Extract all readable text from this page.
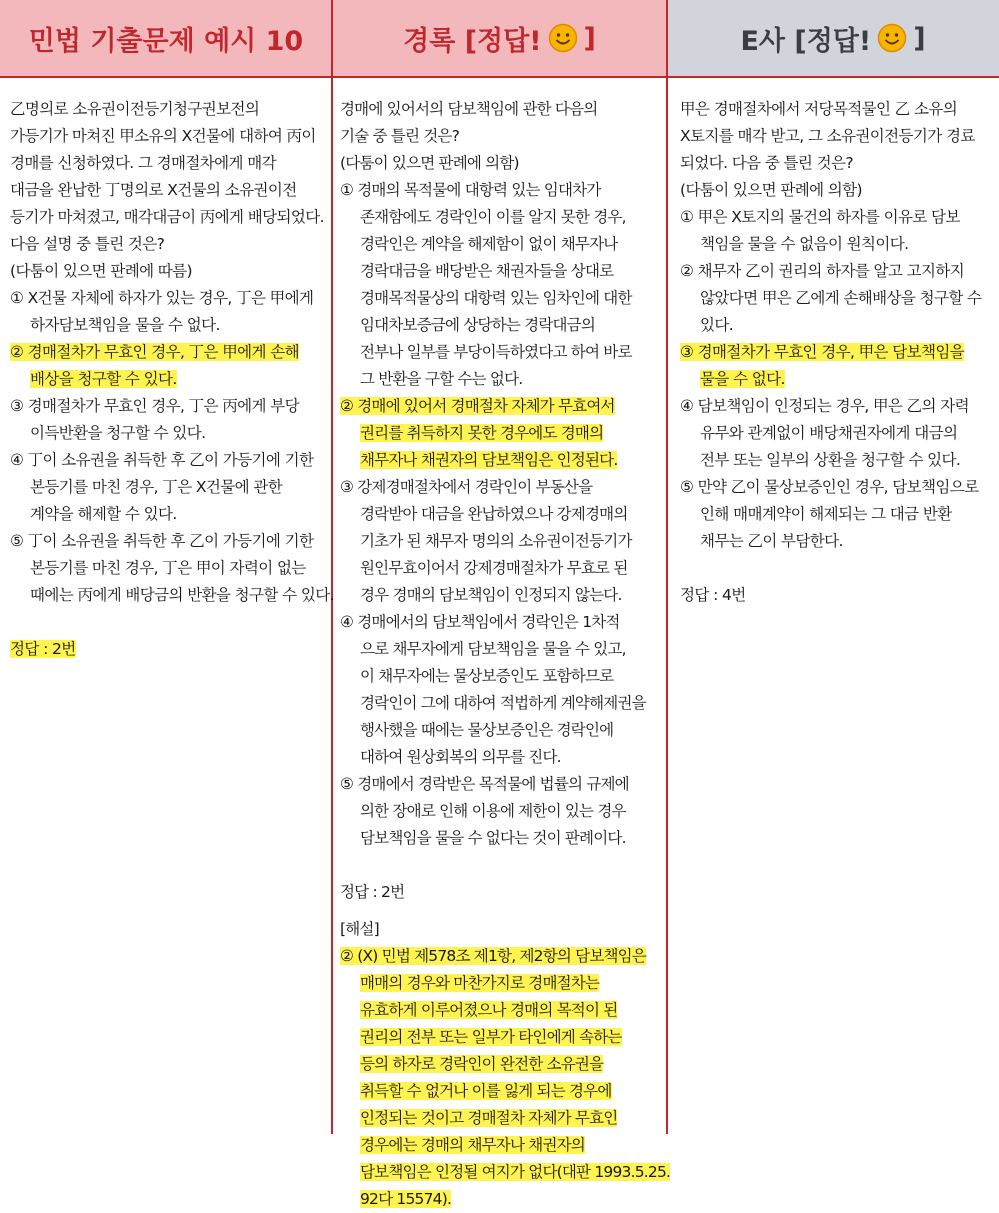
민법 기출문제 예시 10	경록 [정답! ]	E사 [정답! ]
乙명의로 소유권이전등기청구권보전의
가등기가 마쳐진 甲소유의 X건물에 대하여 丙이
경매를 신청하였다. 그 경매절차에게 매각
대금을 완납한 丁명의로 X건물의 소유권이전
등기가 마쳐졌고, 매각대금이 丙에게 배당되었다.
다음 설명 중 틀린 것은?
(다툼이 있으면 판례에 따름)
① X건물 자체에 하자가 있는 경우, 丁은 甲에게
하자담보책임을 물을 수 없다.
② 경매절차가 무효인 경우, 丁은 甲에게 손해
배상을 청구할 수 있다.
③ 경매절차가 무효인 경우, 丁은 丙에게 부당
이득반환을 청구할 수 있다.
④ 丁이 소유권을 취득한 후 乙이 가등기에 기한
본등기를 마친 경우, 丁은 X건물에 관한
계약을 해제할 수 있다.
⑤ 丁이 소유권을 취득한 후 乙이 가등기에 기한
본등기를 마친 경우, 丁은 甲이 자력이 없는
때에는 丙에게 배당금의 반환을 청구할 수 있다.
정답 : 2번
경매에 있어서의 담보책임에 관한 다음의
기술 중 틀린 것은?
(다툼이 있으면 판례에 의함)
① 경매의 목적물에 대항력 있는 임대차가
존재함에도 경락인이 이를 알지 못한 경우,
경락인은 계약을 해제함이 없이 채무자나
경락대금을 배당받은 채권자들을 상대로
경매목적물상의 대항력 있는 임차인에 대한
임대차보증금에 상당하는 경락대금의
전부나 일부를 부당이득하였다고 하여 바로
그 반환을 구할 수는 없다.
② 경매에 있어서 경매절차 자체가 무효여서
권리를 취득하지 못한 경우에도 경매의
채무자나 채권자의 담보책임은 인정된다.
③ 강제경매절차에서 경락인이 부동산을
경락받아 대금을 완납하였으나 강제경매의
기초가 된 채무자 명의의 소유권이전등기가
원인무효이어서 강제경매절차가 무효로 된
경우 경매의 담보책임이 인정되지 않는다.
④ 경매에서의 담보책임에서 경락인은 1차적
으로 채무자에게 담보책임을 물을 수 있고,
이 채무자에는 물상보증인도 포함하므로
경락인이 그에 대하여 적법하게 계약해제권을
행사했을 때에는 물상보증인은 경락인에
대하여 원상회복의 의무를 진다.
⑤ 경매에서 경락받은 목적물에 법률의 규제에
의한 장애로 인해 이용에 제한이 있는 경우
담보책임을 물을 수 없다는 것이 판례이다.
정답 : 2번
[해설]
② (X) 민법 제578조 제1항, 제2항의 담보책임은
매매의 경우와 마찬가지로 경매절차는
유효하게 이루어졌으나 경매의 목적이 된
권리의 전부 또는 일부가 타인에게 속하는
등의 하자로 경락인이 완전한 소유권을
취득할 수 없거나 이를 잃게 되는 경우에
인정되는 것이고 경매절차 자체가 무효인
경우에는 경매의 채무자나 채권자의
담보책임은 인정될 여지가 없다(대판 1993.5.25.
92다 15574).
甲은 경매절차에서 저당목적물인 乙 소유의
X토지를 매각 받고, 그 소유권이전등기가 경료
되었다. 다음 중 틀린 것은?
(다툼이 있으면 판례에 의함)
① 甲은 X토지의 물건의 하자를 이유로 담보
책임을 물을 수 없음이 원칙이다.
② 채무자 乙이 권리의 하자를 알고 고지하지
않았다면 甲은 乙에게 손해배상을 청구할 수
있다.
③ 경매절차가 무효인 경우, 甲은 담보책임을
물을 수 없다.
④ 담보책임이 인정되는 경우, 甲은 乙의 자력
유무와 관계없이 배당채권자에게 대금의
전부 또는 일부의 상환을 청구할 수 있다.
⑤ 만약 乙이 물상보증인인 경우, 담보책임으로
인해 매매계약이 해제되는 그 대금 반환
채무는 乙이 부담한다.
정답 : 4번
